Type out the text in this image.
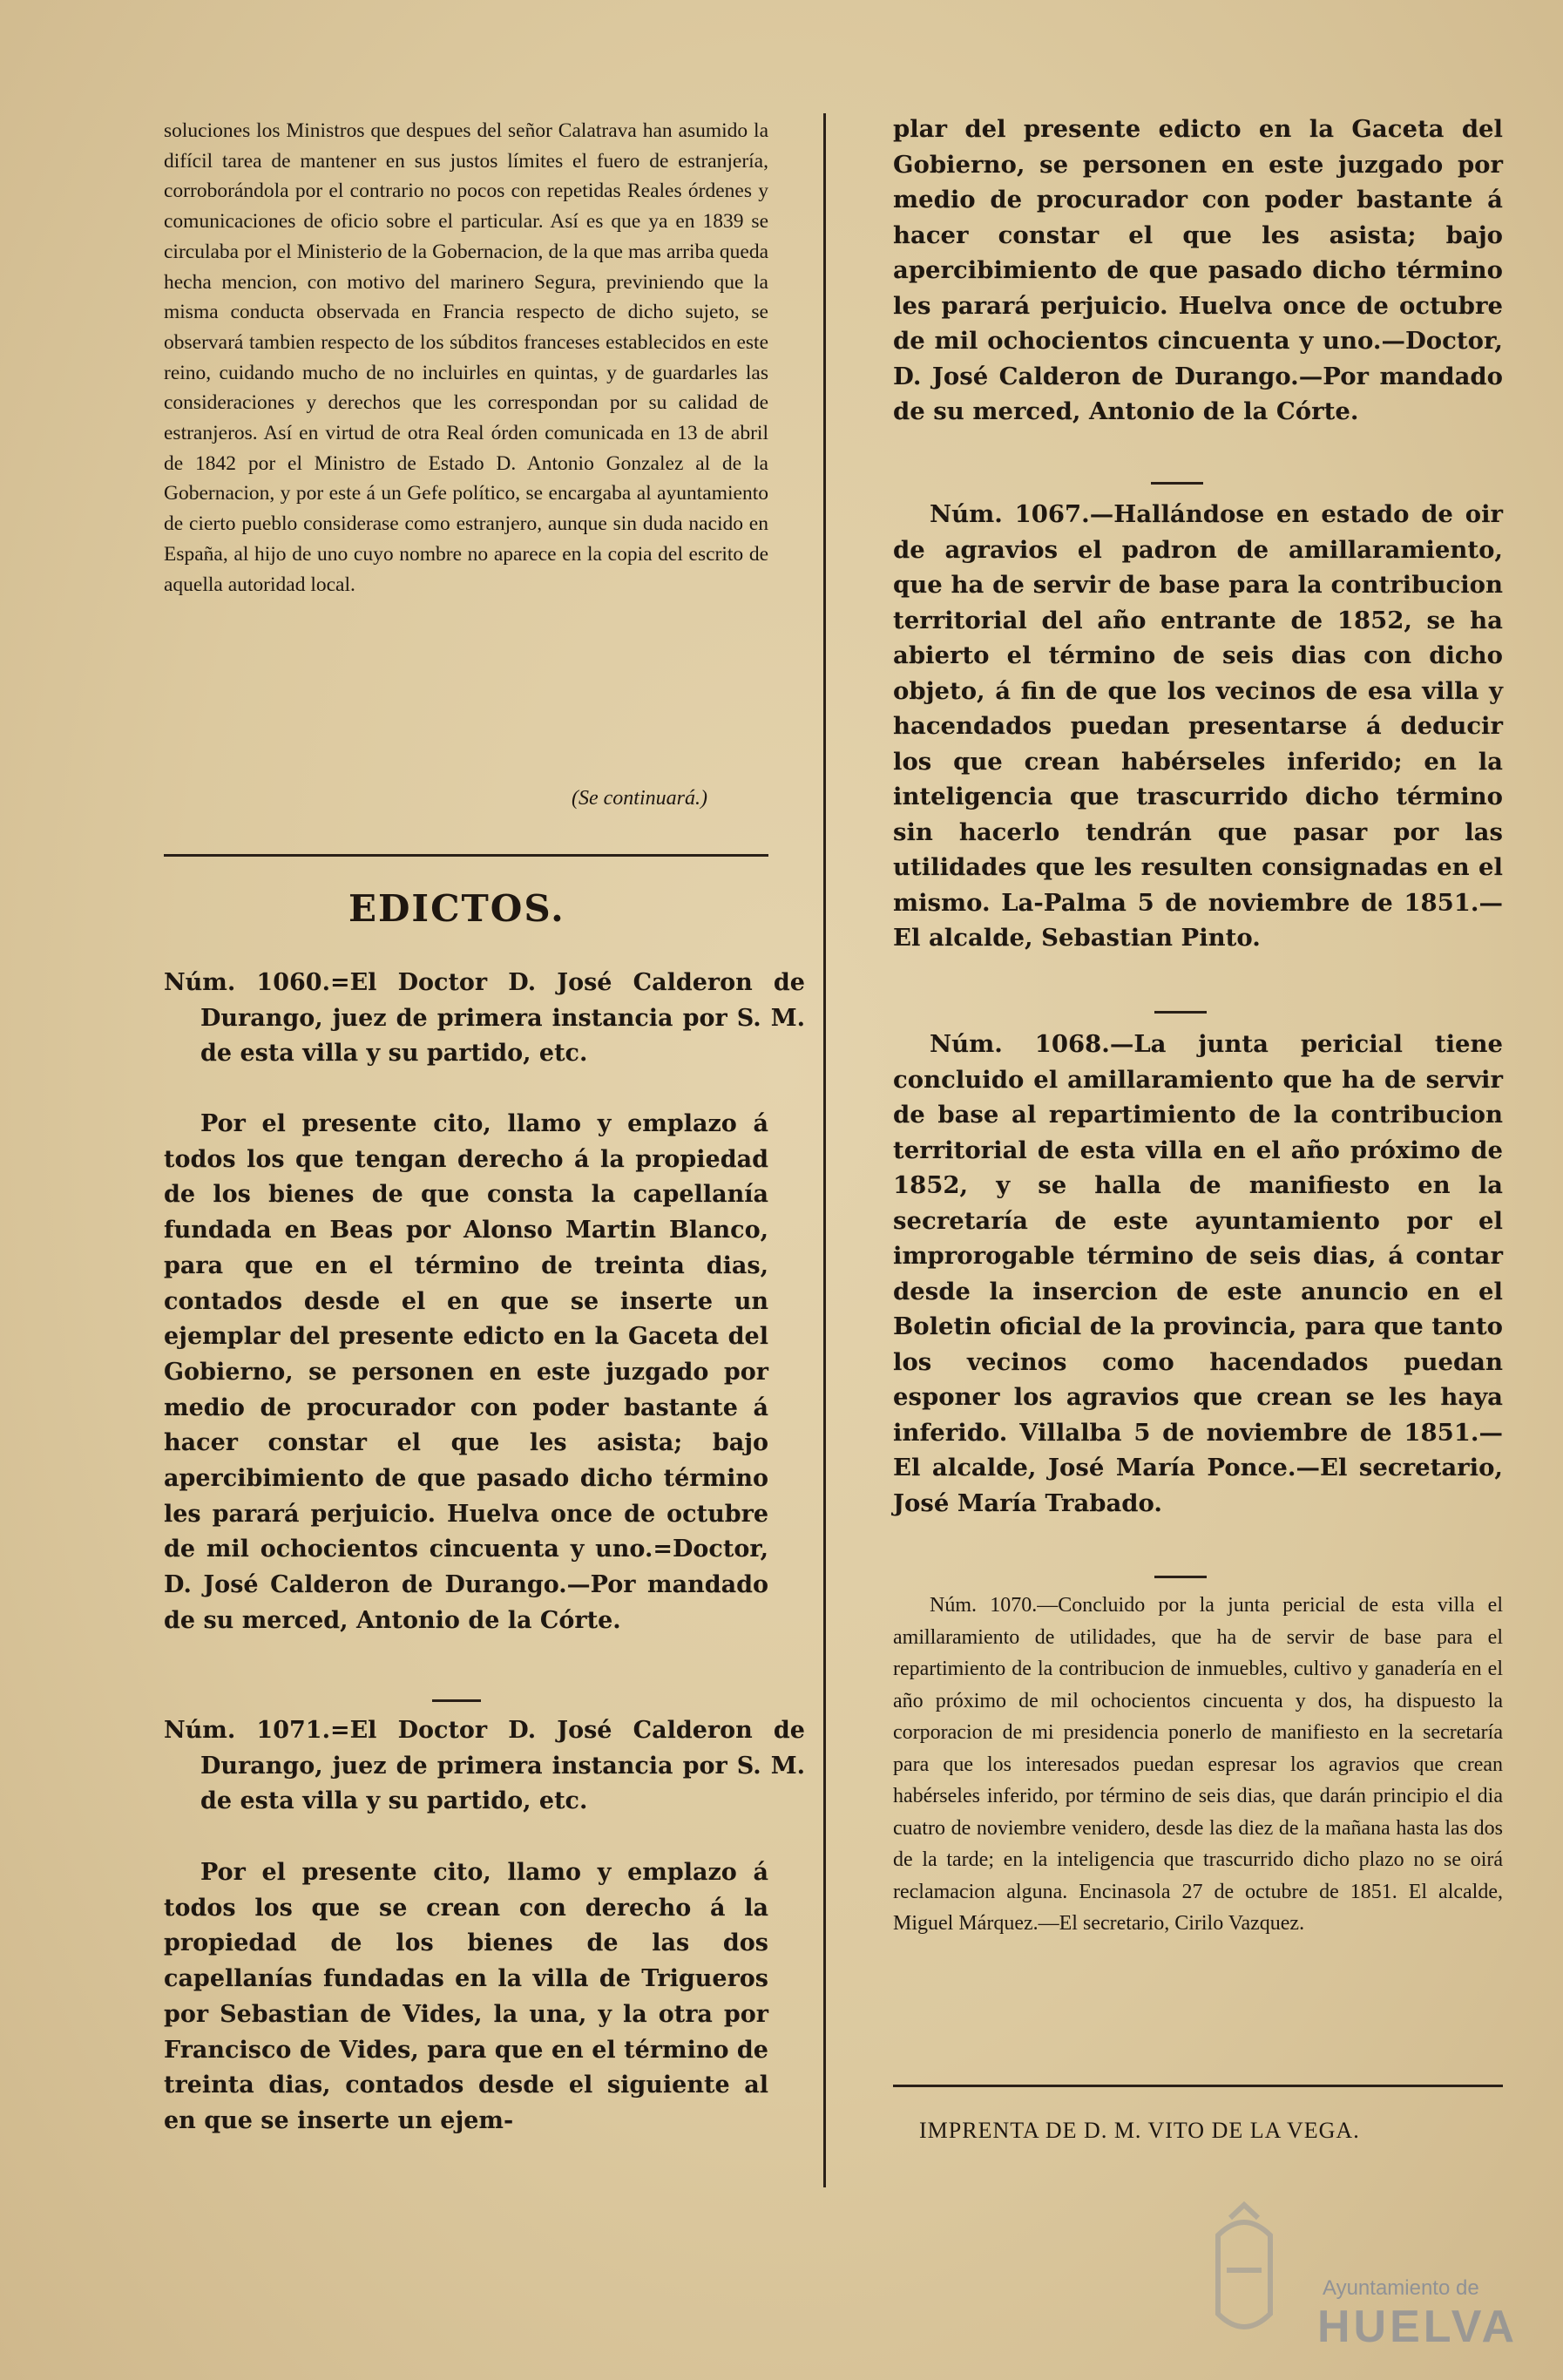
soluciones los Ministros que despues del señor Calatrava han asumido la difícil tarea de mantener en sus justos límites el fuero de estranjería, corroborándola por el contrario no pocos con repetidas Reales órdenes y comunicaciones de oficio sobre el particular. Así es que ya en 1839 se circulaba por el Ministerio de la Gobernacion, de la que mas arriba queda hecha mencion, con motivo del marinero Segura, previniendo que la misma conducta observada en Francia respecto de dicho sujeto, se observará tambien respecto de los súbditos franceses establecidos en este reino, cuidando mucho de no incluirles en quintas, y de guardarles las consideraciones y derechos que les correspondan por su calidad de estranjeros. Así en virtud de otra Real órden comunicada en 13 de abril de 1842 por el Ministro de Estado D. Antonio Gonzalez al de la Gobernacion, y por este á un Gefe político, se encargaba al ayuntamiento de cierto pueblo considerase como estranjero, aunque sin duda nacido en España, al hijo de uno cuyo nombre no aparece en la copia del escrito de aquella autoridad local.

(Se continuará.)

EDICTOS.

Núm. 1060.=El Doctor D. José Calderon de Durango, juez de primera instancia por S. M. de esta villa y su partido, etc.

Por el presente cito, llamo y emplazo á todos los que tengan derecho á la propiedad de los bienes de que consta la capellanía fundada en Beas por Alonso Martin Blanco, para que en el término de treinta dias, contados desde el en que se inserte un ejemplar del presente edicto en la Gaceta del Gobierno, se personen en este juzgado por medio de procurador con poder bastante á hacer constar el que les asista; bajo apercibimiento de que pasado dicho término les parará perjuicio. Huelva once de octubre de mil ochocientos cincuenta y uno.=Doctor, D. José Calderon de Durango.—Por mandado de su merced, Antonio de la Córte.

Núm. 1071.=El Doctor D. José Calderon de Durango, juez de primera instancia por S. M. de esta villa y su partido, etc.

Por el presente cito, llamo y emplazo á todos los que se crean con derecho á la propiedad de los bienes de las dos capellanías fundadas en la villa de Trigueros por Sebastian de Vides, la una, y la otra por Francisco de Vides, para que en el término de treinta dias, contados desde el siguiente al en que se inserte un ejem-

plar del presente edicto en la Gaceta del Gobierno, se personen en este juzgado por medio de procurador con poder bastante á hacer constar el que les asista; bajo apercibimiento de que pasado dicho término les parará perjuicio. Huelva once de octubre de mil ochocientos cincuenta y uno.—Doctor, D. José Calderon de Durango.—Por mandado de su merced, Antonio de la Córte.

Núm. 1067.—Hallándose en estado de oir de agravios el padron de amillaramiento, que ha de servir de base para la contribucion territorial del año entrante de 1852, se ha abierto el término de seis dias con dicho objeto, á fin de que los vecinos de esa villa y hacendados puedan presentarse á deducir los que crean habérseles inferido; en la inteligencia que trascurrido dicho término sin hacerlo tendrán que pasar por las utilidades que les resulten consignadas en el mismo. La-Palma 5 de noviembre de 1851.—El alcalde, Sebastian Pinto.

Núm. 1068.—La junta pericial tiene concluido el amillaramiento que ha de servir de base al repartimiento de la contribucion territorial de esta villa en el año próximo de 1852, y se halla de manifiesto en la secretaría de este ayuntamiento por el improrogable término de seis dias, á contar desde la insercion de este anuncio en el Boletin oficial de la provincia, para que tanto los vecinos como hacendados puedan esponer los agravios que crean se les haya inferido. Villalba 5 de noviembre de 1851.—El alcalde, José María Ponce.—El secretario, José María Trabado.

Núm. 1070.—Concluido por la junta pericial de esta villa el amillaramiento de utilidades, que ha de servir de base para el repartimiento de la contribucion de inmuebles, cultivo y ganadería en el año próximo de mil ochocientos cincuenta y dos, ha dispuesto la corporacion de mi presidencia ponerlo de manifiesto en la secretaría para que los interesados puedan espresar los agravios que crean habérseles inferido, por término de seis dias, que darán principio el dia cuatro de noviembre venidero, desde las diez de la mañana hasta las dos de la tarde; en la inteligencia que trascurrido dicho plazo no se oirá reclamacion alguna. Encinasola 27 de octubre de 1851. El alcalde, Miguel Márquez.—El secretario, Cirilo Vazquez.

IMPRENTA DE D. M. VITO DE LA VEGA.

Ayuntamiento de
HUELVA
